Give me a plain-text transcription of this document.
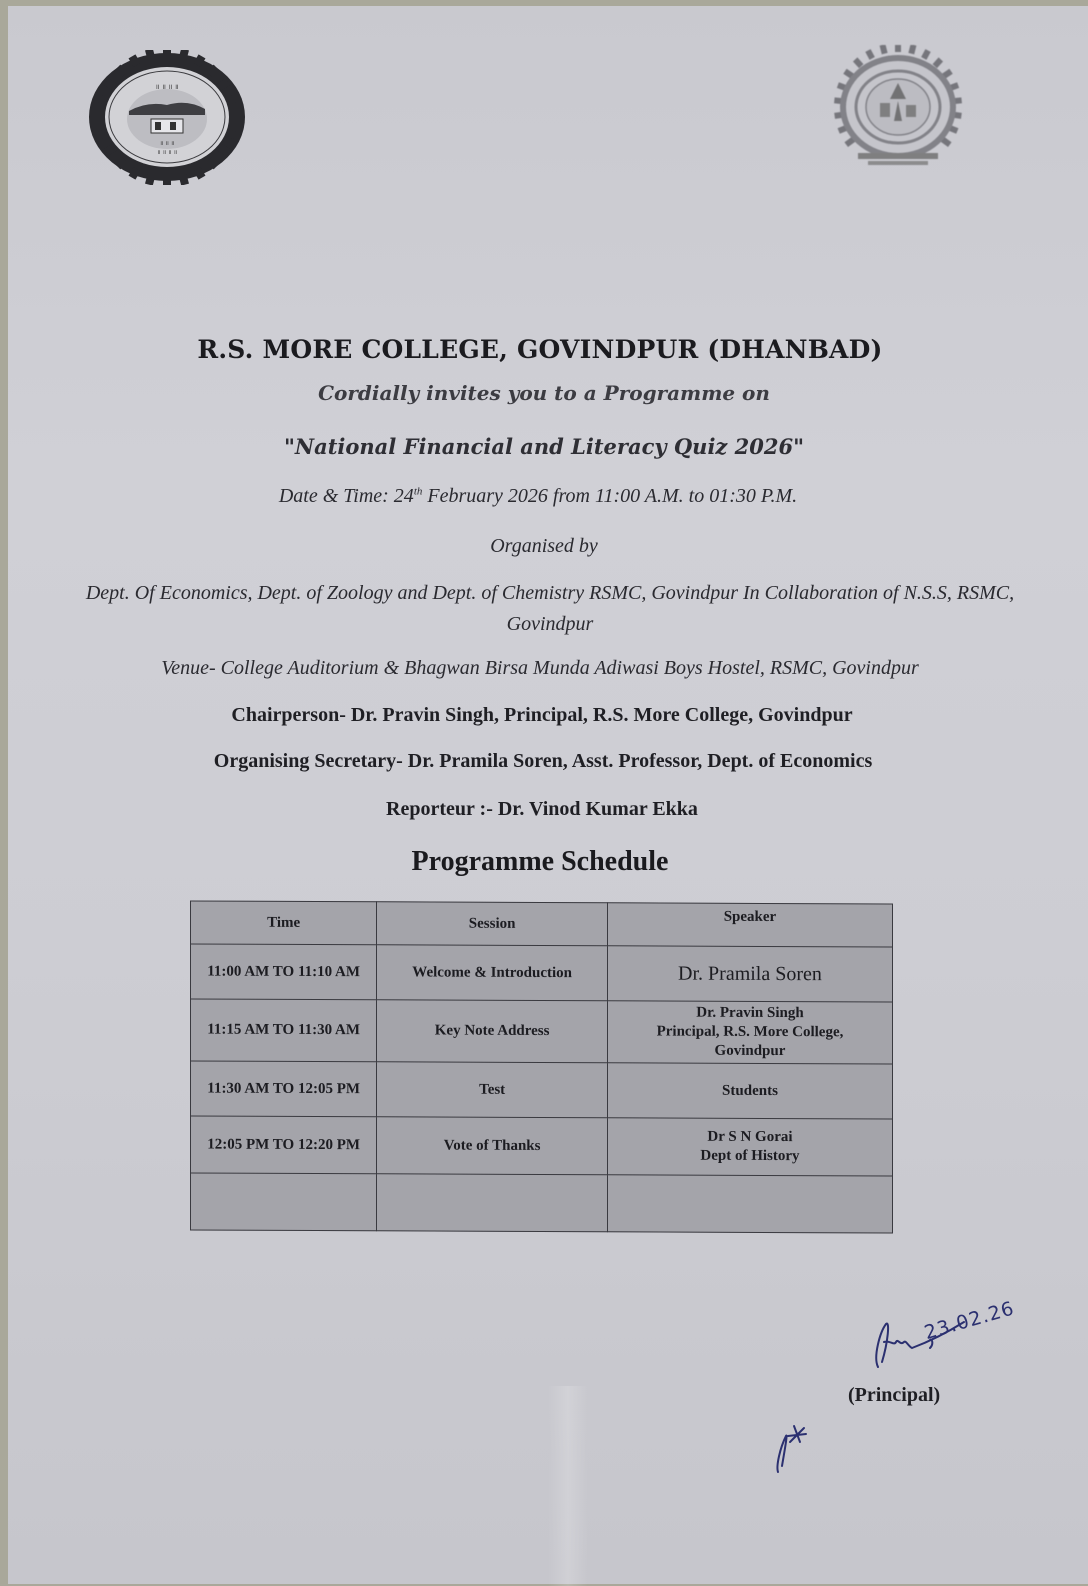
॥ ॥ ॥ ॥
॥ ॥ ॥
॥ ॥ ॥ ॥
R.S. MORE COLLEGE, GOVINDPUR (DHANBAD)
Cordially invites you to a Programme on
"National Financial and Literacy Quiz 2026"
Date & Time: 24th February 2026 from 11:00 A.M. to 01:30 P.M.
Organised by
Dept. Of Economics, Dept. of Zoology and Dept. of Chemistry RSMC, Govindpur In Collaboration of N.S.S, RSMC, Govindpur
Venue- College Auditorium & Bhagwan Birsa Munda Adiwasi Boys Hostel, RSMC, Govindpur
Chairperson- Dr. Pravin Singh, Principal, R.S. More College, Govindpur
Organising Secretary- Dr. Pramila Soren, Asst. Professor, Dept. of Economics
Reporteur :- Dr. Vinod Kumar Ekka
Programme Schedule
Time	Session	Speaker
11:00 AM TO 11:10 AM	Welcome & Introduction	Dr. Pramila Soren
11:15 AM TO 11:30 AM	Key Note Address	Dr. Pravin Singh
Principal, R.S. More College,
Govindpur

11:30 AM TO 12:05 PM	Test	Students
12:05 PM TO 12:20 PM	Vote of Thanks	Dr S N Gorai
Dept of History

23.02.26
(Principal)
